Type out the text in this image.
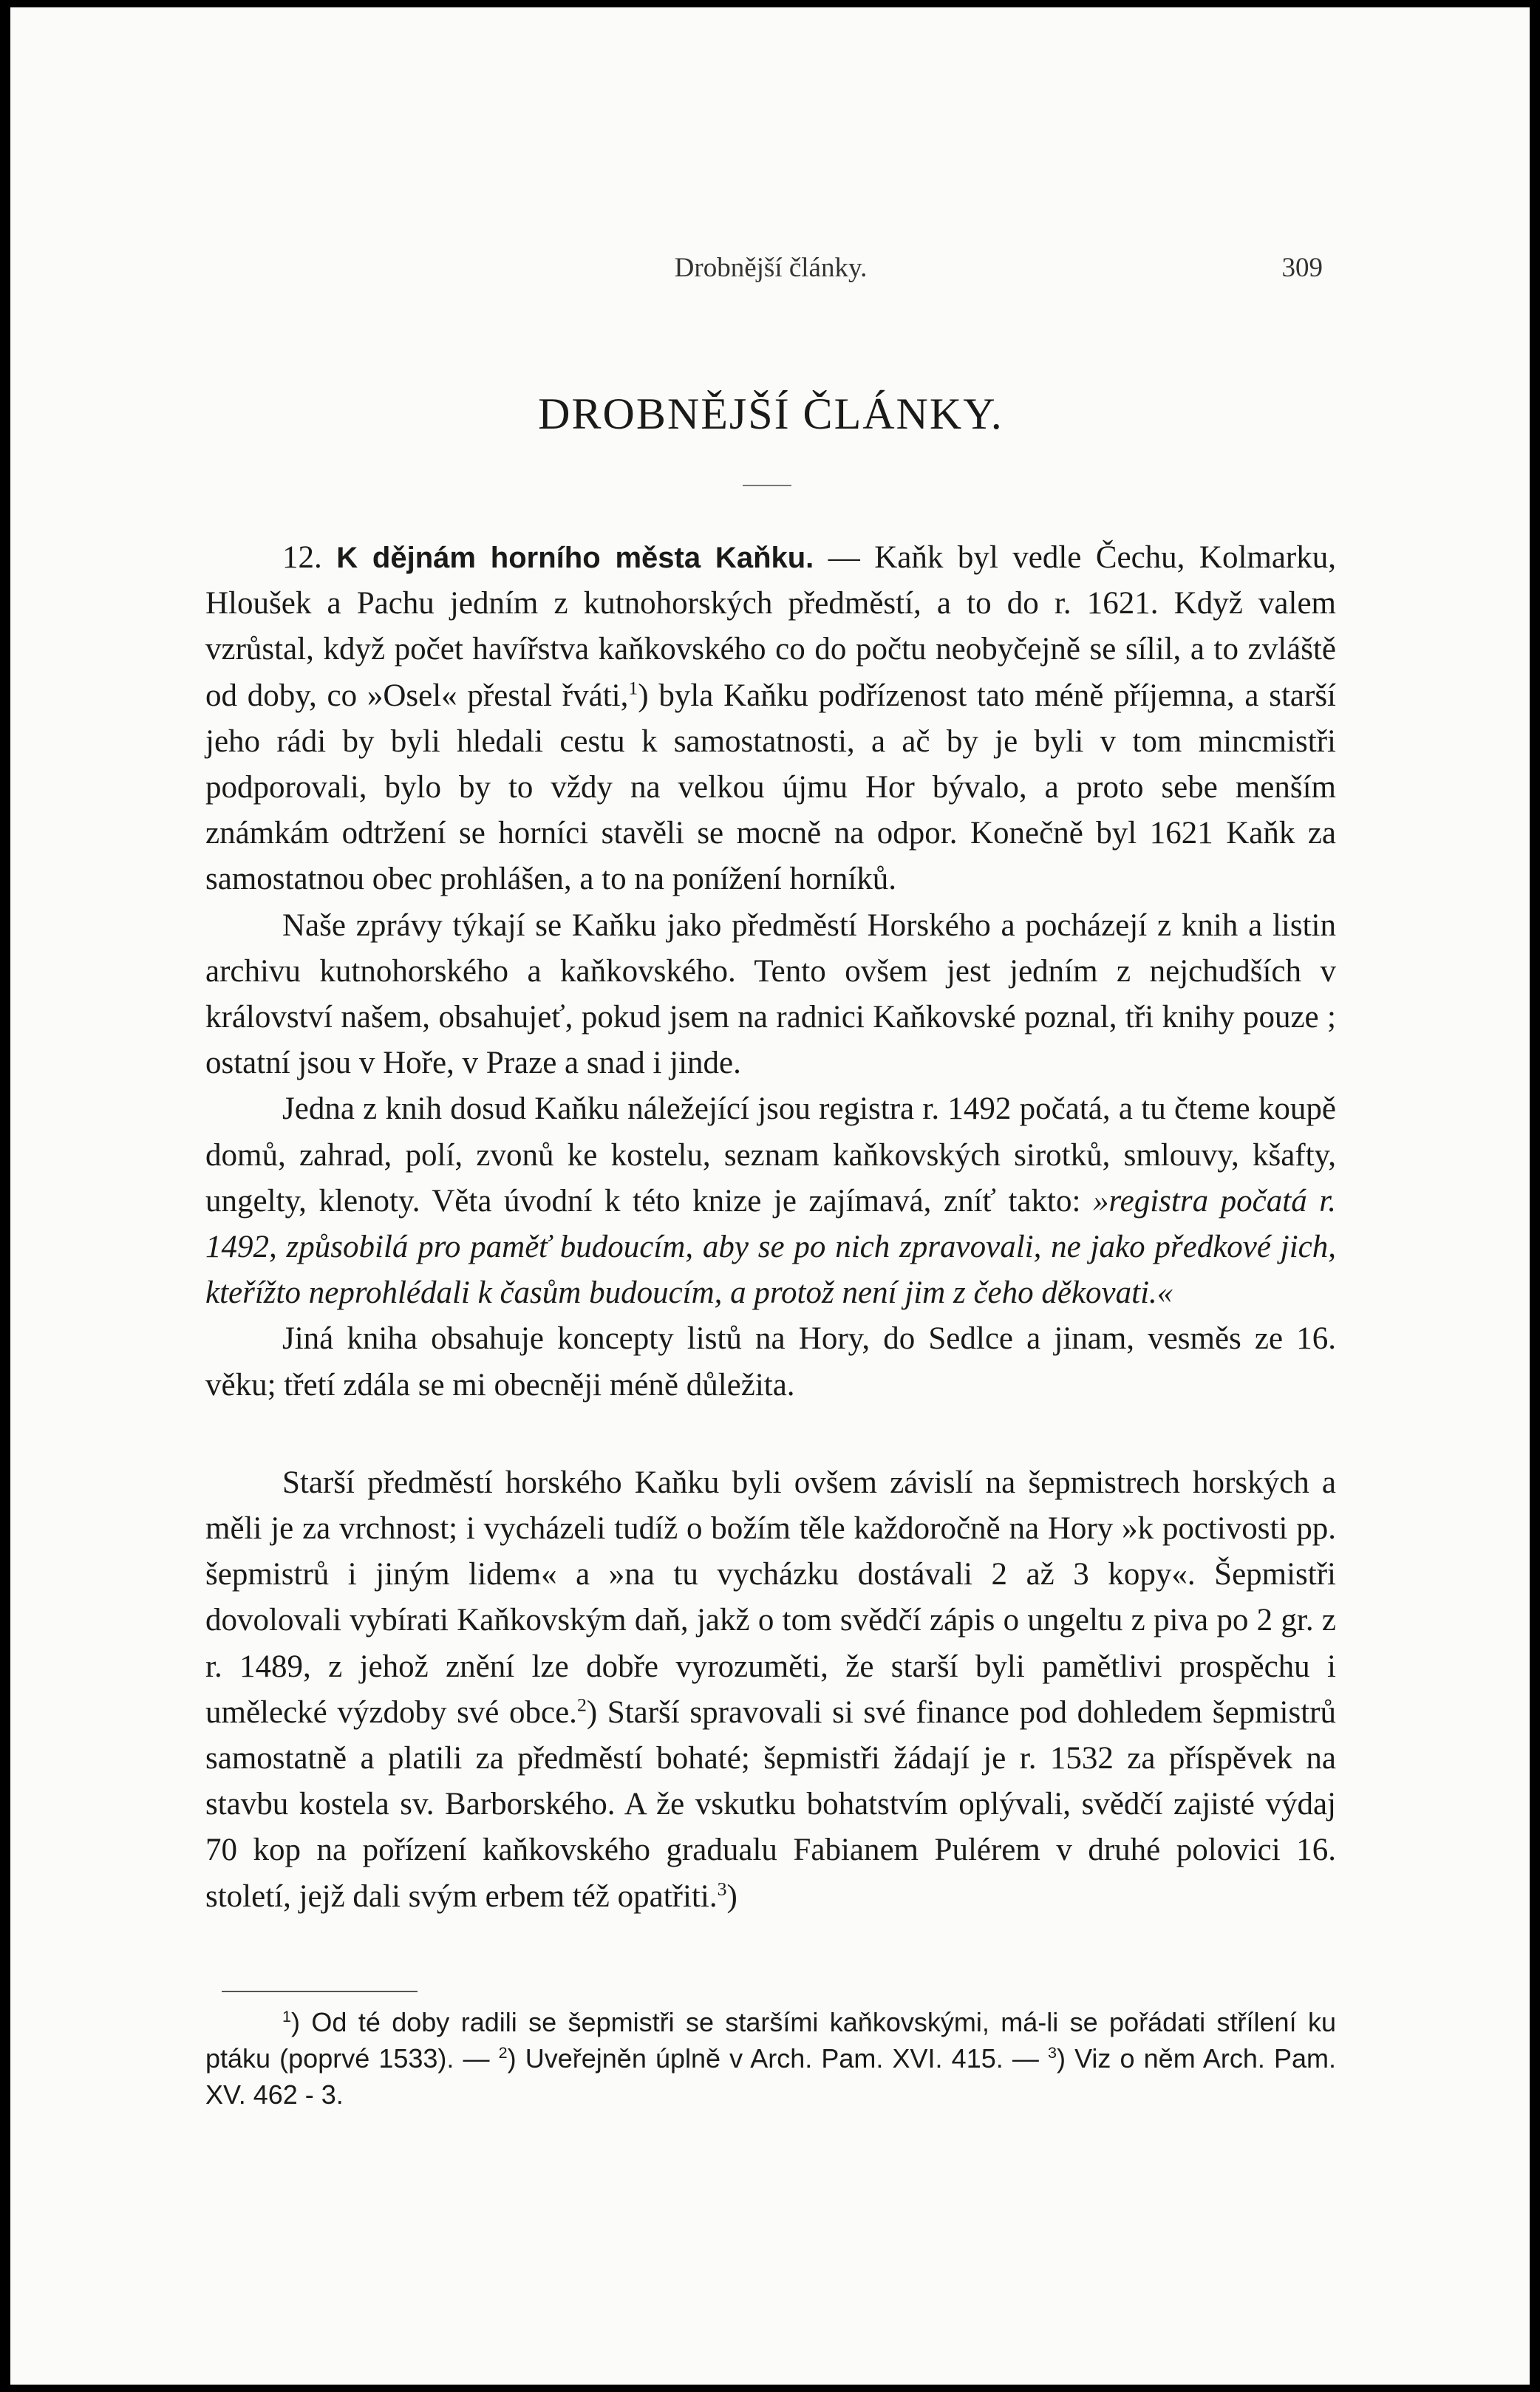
Drobnější články.	309
DROBNĚJŠÍ ČLÁNKY.

12. K dějnám horního města Kaňku. — Kaňk byl vedle Čechu, Kolmarku, Hloušek a Pachu jedním z kutnohorských předměstí, a to do r. 1621. Když valem vzrůstal, když počet havířstva kaňkovského co do počtu neobyčejně se sílil, a to zvláště od doby, co »Osel« přestal řváti,$^1$) byla Kaňku podřízenost tato méně příjemna, a starší jeho rádi by byli hledali cestu k samostatnosti, a ač by je byli v tom mincmistři podporovali, bylo by to vždy na velkou újmu Hor bývalo, a proto sebe menším známkám odtržení se horníci stavěli se mocně na odpor. Konečně byl 1621 Kaňk za samostatnou obec prohlášen, a to na ponížení horníků.

Naše zprávy týkají se Kaňku jako předměstí Horského a pocházejí z knih a listin archivu kutnohorského a kaňkovského. Tento ovšem jest jedním z nejchudších v království našem, obsahujeť, pokud jsem na radnici Kaňkovské poznal, tři knihy pouze ; ostatní jsou v Hoře, v Praze a snad i jinde.

Jedna z knih dosud Kaňku náležející jsou registra r. 1492 počatá, a tu čteme koupě domů, zahrad, polí, zvonů ke kostelu, seznam kaňkovských sirotků, smlouvy, kšafty, ungelty, klenoty. Věta úvodní k této knize je zajímavá, zníť takto: »registra počatá r. 1492, způsobilá pro paměť budoucím, aby se po nich zpravovali, ne jako předkové jich, kteřížto neprohlédali k časům budoucím, a protož není jim z čeho děkovati.«

Jiná kniha obsahuje koncepty listů na Hory, do Sedlce a jinam, vesměs ze 16. věku; třetí zdála se mi obecněji méně důležita.

Starší předměstí horského Kaňku byli ovšem závislí na šepmistrech horských a měli je za vrchnost; i vycházeli tudíž o božím těle každoročně na Hory »k poctivosti pp. šepmistrů i jiným lidem« a »na tu vycházku dostávali 2 až 3 kopy«. Šepmistři dovolovali vybírati Kaňkovským daň, jakž o tom svědčí zápis o ungeltu z piva po 2 gr. z r. 1489, z jehož znění lze dobře vyrozuměti, že starší byli pamětlivi prospěchu i umělecké výzdoby své obce.$^2$) Starší spravovali si své finance pod dohledem šepmistrů samostatně a platili za předměstí bohaté; šepmistři žádají je r. 1532 za příspěvek na stavbu kostela sv. Barborského. A že vskutku bohatstvím oplývali, svědčí zajisté výdaj 70 kop na pořízení kaňkovského gradualu Fabianem Pulérem v druhé polovici 16. století, jejž dali svým erbem též opatřiti.$^3$)

$^1$) Od té doby radili se šepmistři se staršími kaňkovskými, má-li se pořádati střílení ku ptáku (poprvé 1533). — $^2$) Uveřejněn úplně v Arch. Pam. XVI. 415. — $^3$) Viz o něm Arch. Pam. XV. 462 - 3.
